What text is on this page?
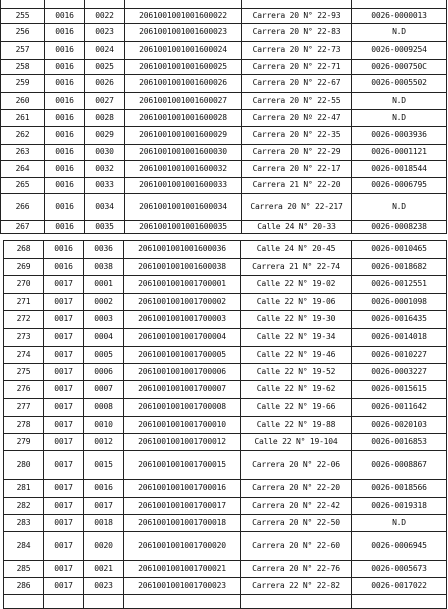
255	0016	0022	2061001001001600022	Carrera 20 N° 22-93	0026-0000013
256	0016	0023	2061001001001600023	Carrera 20 N° 22-83	N.D
257	0016	0024	2061001001001600024	Carrera 20 N° 22-73	0026-0009254
258	0016	0025	2061001001001600025	Carrera 20 N° 22-71	0026-000750C
259	0016	0026	2061001001001600026	Carrera 20 N° 22-67	0026-0005502
260	0016	0027	2061001001001600027	Carrera 20 N° 22-55	N.D
261	0016	0028	2061001001001600028	Carrera 20 Nº 22-47	N.D
262	0016	0029	2061001001001600029	Carrera 20 N° 22-35	0026-0003936
263	0016	0030	2061001001001600030	Carrera 20 N° 22-29	0026-0001121
264	0016	0032	2061001001001600032	Carrera 20 N° 22-17	0026-0018544
265	0016	0033	2061001001001600033	Carrera 21 N° 22-20	0026-0006795
266	0016	0034	2061001001001600034	Carrera 20 N° 22-217	N.D
267	0016	0035	2061001001001600035	Calle 24 N° 20-33	0026-0008238
268	0016	0036	2061001001001600036	Calle 24 N° 20-45	0026-0010465
269	0016	0038	2061001001001600038	Carrera 21 N° 22-74	0026-0018682
270	0017	0001	2061001001001700001	Calle 22 N° 19-02	0026-0012551
271	0017	0002	2061001001001700002	Calle 22 N° 19-06	0026-0001098
272	0017	0003	2061001001001700003	Calle 22 N° 19-30	0026-0016435
273	0017	0004	2061001001001700004	Calle 22 N° 19-34	0026-0014018
274	0017	0005	2061001001001700005	Calle 22 N° 19-46	0026-0010227
275	0017	0006	2061001001001700006	Calle 22 N° 19-52	0026-0003227
276	0017	0007	2061001001001700007	Calle 22 N° 19-62	0026-0015615
277	0017	0008	2061001001001700008	Calle 22 N° 19-66	0026-0011642
278	0017	0010	2061001001001700010	Calle 22 N° 19-88	0026-0020103
279	0017	0012	2061001001001700012	Calle 22 N° 19-104	0026-0016853
280	0017	0015	2061001001001700015	Carrera 20 N° 22-06	0026-0008867
281	0017	0016	2061001001001700016	Carrera 20 N° 22-20	0026-0018566
282	0017	0017	2061001001001700017	Carrera 20 N° 22-42	0026-0019318
283	0017	0018	2061001001001700018	Carrera 20 N° 22-50	N.D
284	0017	0020	2061001001001700020	Carrera 20 N° 22-60	0026-0006945
285	0017	0021	2061001001001700021	Carrera 20 N° 22-76	0026-0005673
286	0017	0023	2061001001001700023	Carrera 22 N° 22-82	0026-0017022
